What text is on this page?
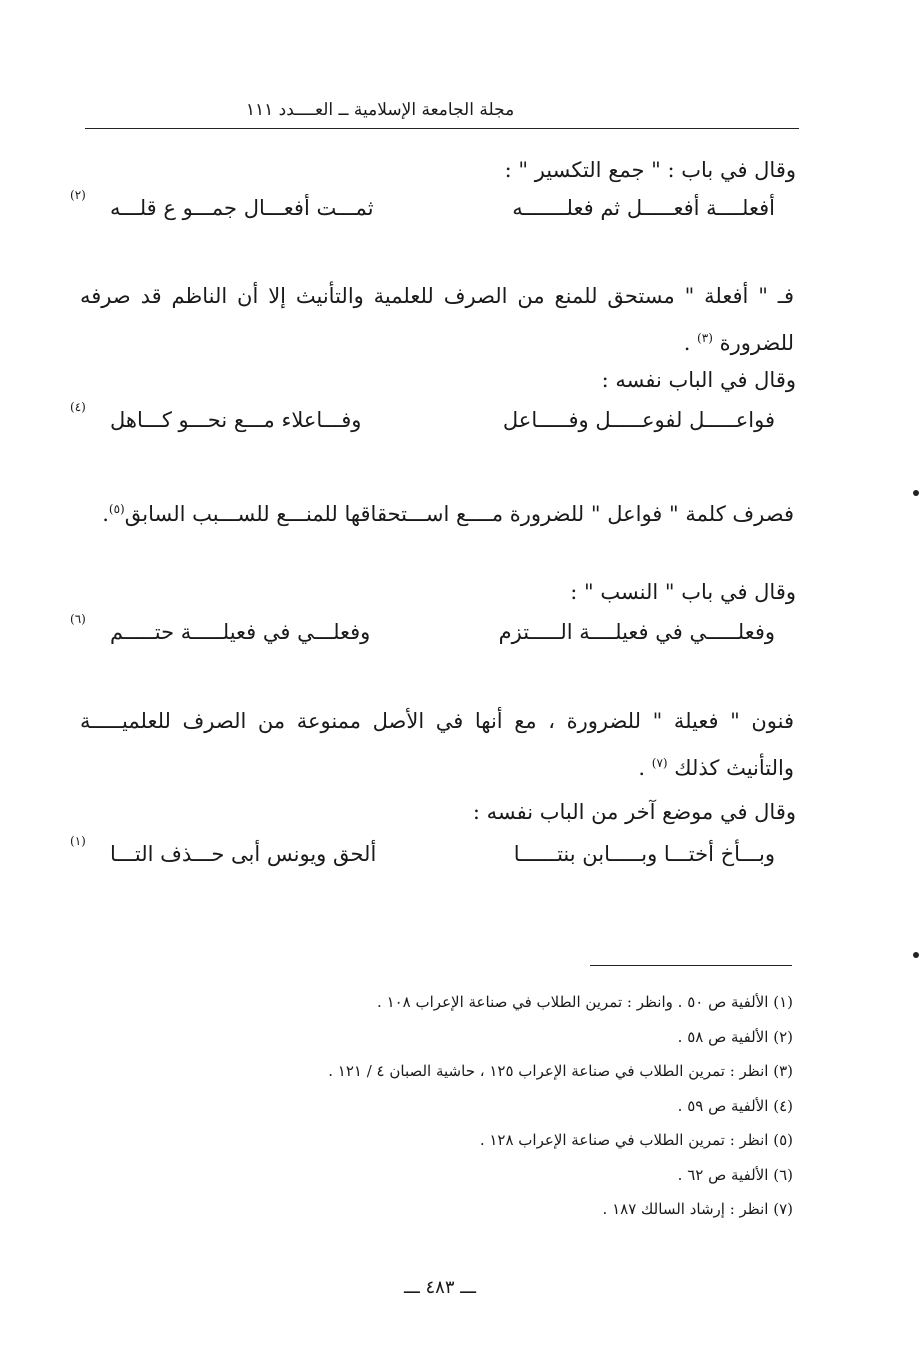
مجلة الجامعة الإسلامية ــ العــــدد ١١١
وقال في باب : " جمع التكسير " :
أفعلــــة أفعـــــل ثم فعلـــــــه
ثمـــت أفعـــال جمـــو ع قلـــه
(٢)
فـ " أفعلة " مستحق للمنع من الصرف للعلمية والتأنيث إلا أن الناظم قد صرفه للضرورة $^{(٣)}$ .
وقال في الباب نفسه :
فواعـــــل لفوعـــــل وفـــــاعل
وفـــاعلاء مـــع نحـــو كـــاهل
(٤)
فصرف كلمة " فواعل " للضرورة مــــع اســـتحقاقها للمنـــع للســـبب السابق$^{(٥)}$.
وقال في باب " النسب " :
وفعلـــــي في فعيلــــة الـــــتزم
وفعلـــي في فعيلـــــة حتـــــم
(٦)
فنون " فعيلة " للضرورة ، مع أنها في الأصل ممنوعة من الصرف للعلميـــــة والتأنيث كذلك $^{(٧)}$ .
وقال في موضع آخر من الباب نفسه :
وبـــأخ أختـــا وبـــــابن بنتــــــا
ألحق ويونس أبى حـــذف التـــا
(١)
(١) الألفية ص ٥٠ . وانظر : تمرين الطلاب في صناعة الإعراب ١٠٨ .
(٢) الألفية ص ٥٨ .
(٣) انظر : تمرين الطلاب في صناعة الإعراب ١٢٥ ، حاشية الصبان ٤ / ١٢١ .
(٤) الألفية ص ٥٩ .
(٥) انظر : تمرين الطلاب في صناعة الإعراب ١٢٨ .
(٦) الألفية ص ٦٢ .
(٧) انظر : إرشاد السالك ١٨٧ .
ـــ ٤٨٣ ـــ
